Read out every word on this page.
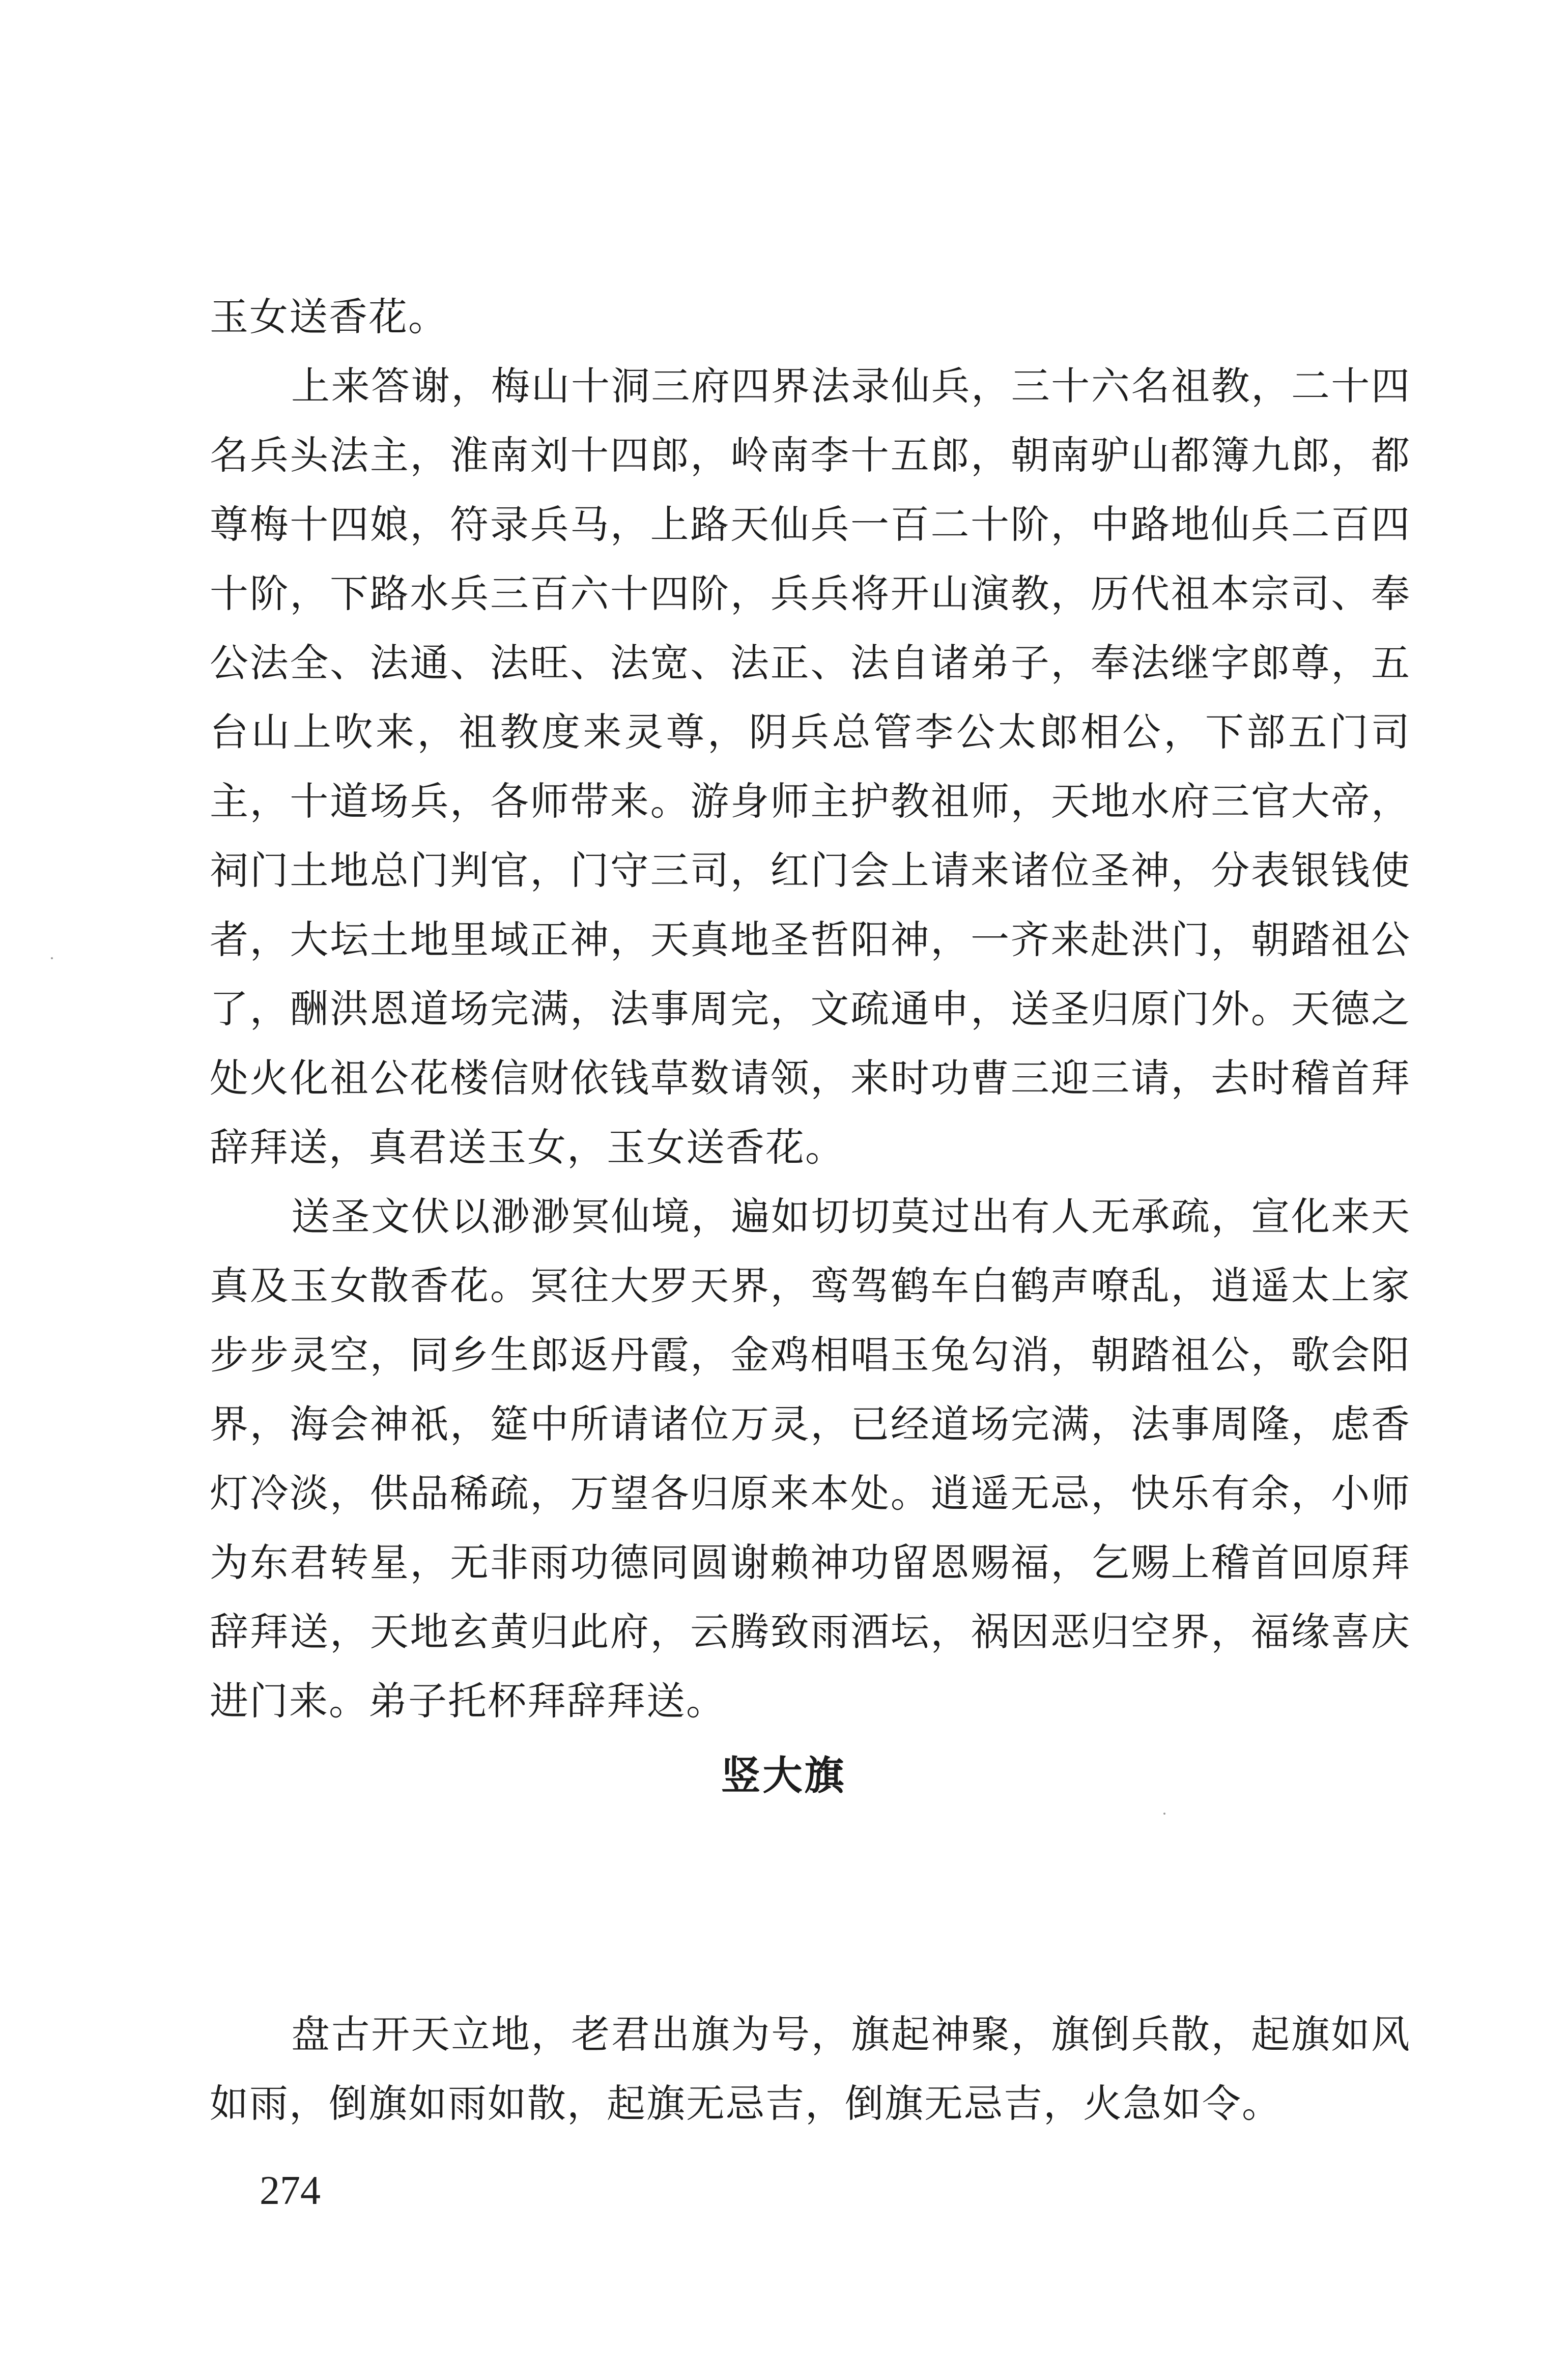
玉女送香花。

上来答谢，梅山十洞三府四界法录仙兵，三十六名祖教，二十四名兵头法主，淮南刘十四郎，岭南李十五郎，朝南驴山都簿九郎，都尊梅十四娘，符录兵马，上路天仙兵一百二十阶，中路地仙兵二百四十阶，下路水兵三百六十四阶，兵兵将开山演教，历代祖本宗司、奉公法全、法通、法旺、法宽、法正、法自诸弟子，奉法继字郎尊，五台山上吹来，祖教度来灵尊，阴兵总管李公太郎相公，下部五门司主，十道场兵，各师带来。游身师主护教祖师，天地水府三官大帝，祠门土地总门判官，门守三司，红门会上请来诸位圣神，分表银钱使者，大坛土地里域正神，天真地圣哲阳神，一齐来赴洪门，朝踏祖公了，酬洪恩道场完满，法事周完，文疏通申，送圣归原门外。天德之处火化祖公花楼信财依钱草数请领，来时功曹三迎三请，去时稽首拜辞拜送，真君送玉女，玉女送香花。

送圣文伏以渺渺冥仙境，遍如切切莫过出有人无承疏，宣化来天真及玉女散香花。冥往大罗天界，鸾驾鹤车白鹤声嘹乱，逍遥太上家步步灵空，同乡生郎返丹霞，金鸡相唱玉兔勾消，朝踏祖公，歌会阳界，海会神祇，筵中所请诸位万灵，已经道场完满，法事周隆，虑香灯冷淡，供品稀疏，万望各归原来本处。逍遥无忌，快乐有余，小师为东君转星，无非雨功德同圆谢赖神功留恩赐福，乞赐上稽首回原拜辞拜送，天地玄黄归此府，云腾致雨酒坛，祸因恶归空界，福缘喜庆进门来。弟子托杯拜辞拜送。

竖大旗

盘古开天立地，老君出旗为号，旗起神聚，旗倒兵散，起旗如风如雨，倒旗如雨如散，起旗无忌吉，倒旗无忌吉，火急如令。

274
